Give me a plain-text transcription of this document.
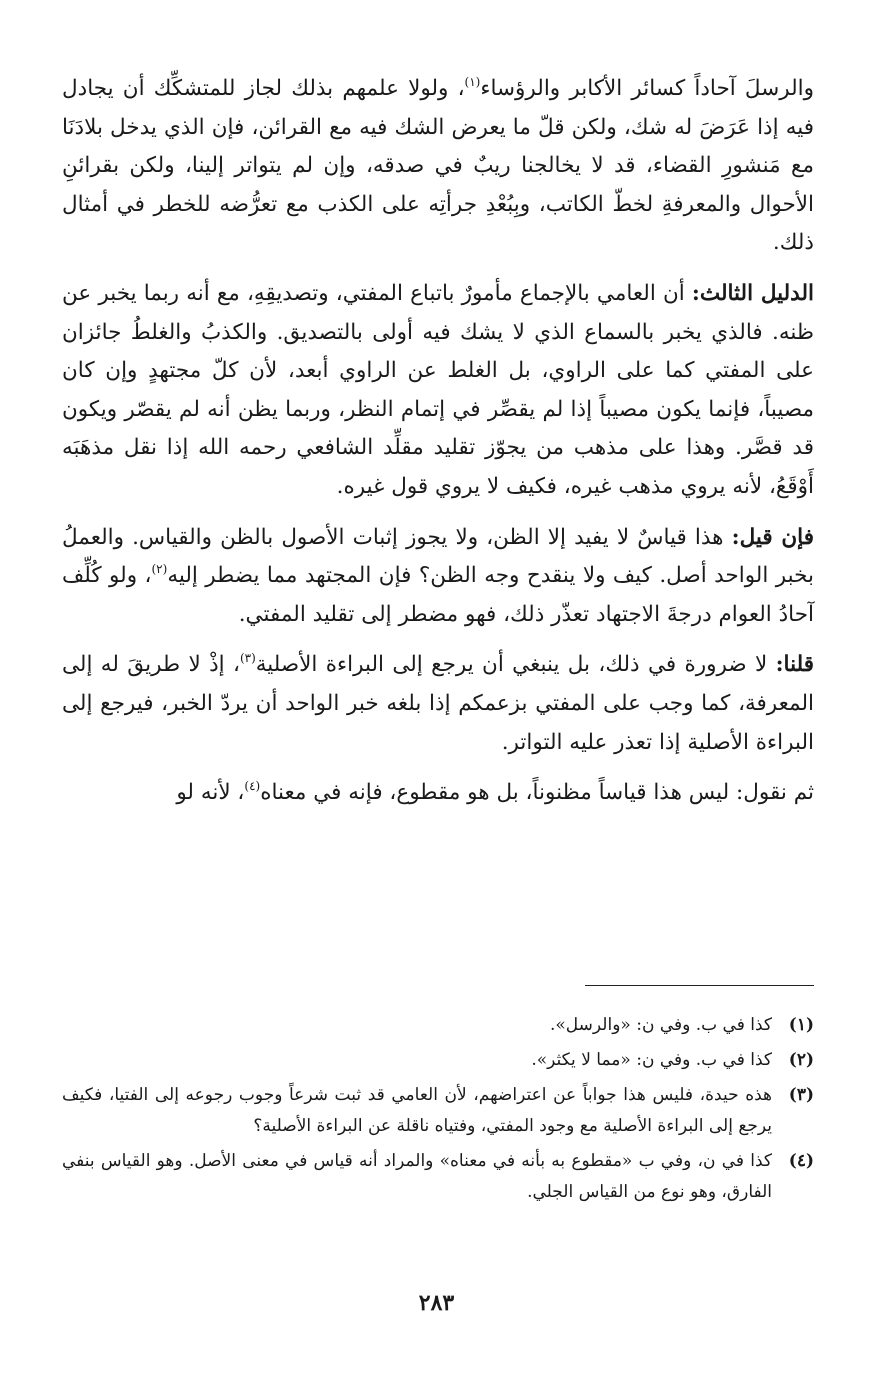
والرسلَ آحاداً كسائر الأكابر والرؤساء$^{(١)}$، ولولا علمهم بذلك لجاز للمتشكِّك أن يجادل فيه إذا عَرَضَ له شك، ولكن قلّ ما يعرض الشك فيه مع القرائن، فإن الذي يدخل بلادَنَا مع مَنشورِ القضاء، قد لا يخالجنا ريبٌ في صدقه، وإن لم يتواتر إلينا، ولكن بقرائنِ الأحوال والمعرفةِ لخطّ الكاتب، وبِبُعْدِ جرأتِه على الكذب مع تعرُّضه للخطر في أمثال ذلك.

الدليل الثالث: أن العامي بالإجماع مأمورٌ باتباع المفتي، وتصديقِهِ، مع أنه ربما يخبر عن ظنه. فالذي يخبر بالسماع الذي لا يشك فيه أولى بالتصديق. والكذبُ والغلطُ جائزان على المفتي كما على الراوي، بل الغلط عن الراوي أبعد، لأن كلّ مجتهدٍ وإن كان مصيباً، فإنما يكون مصيباً إذا لم يقصِّر في إتمام النظر، وربما يظن أنه لم يقصّر ويكون قد قصَّر. وهذا على مذهب من يجوّز تقليد مقلِّد الشافعي رحمه الله إذا نقل مذهَبَه أَوْقَعُ، لأنه يروي مذهب غيره، فكيف لا يروي قول غيره.

فإن قيل: هذا قياسٌ لا يفيد إلا الظن، ولا يجوز إثبات الأصول بالظن والقياس. والعملُ بخبر الواحد أصل. كيف ولا ينقدح وجه الظن؟ فإن المجتهد مما يضطر إليه$^{(٢)}$، ولو كُلِّف آحادُ العوام درجةَ الاجتهاد تعذّر ذلك، فهو مضطر إلى تقليد المفتي.

قلنا: لا ضرورة في ذلك، بل ينبغي أن يرجع إلى البراءة الأصلية$^{(٣)}$، إذْ لا طريقَ له إلى المعرفة، كما وجب على المفتي بزعمكم إذا بلغه خبر الواحد أن يردّ الخبر، فيرجع إلى البراءة الأصلية إذا تعذر عليه التواتر.

ثم نقول: ليس هذا قياساً مظنوناً، بل هو مقطوع، فإنه في معناه$^{(٤)}$، لأنه لو

(١)
كذا في ب. وفي ن: «والرسل».
(٢)
كذا في ب. وفي ن: «مما لا يكثر».
(٣)
هذه حيدة، فليس هذا جواباً عن اعتراضهم، لأن العامي قد ثبت شرعاً وجوب رجوعه إلى الفتيا، فكيف يرجع إلى البراءة الأصلية مع وجود المفتي، وفتياه ناقلة عن البراءة الأصلية؟
(٤)
كذا في ن، وفي ب «مقطوع به بأنه في معناه» والمراد أنه قياس في معنى الأصل. وهو القياس بنفي الفارق، وهو نوع من القياس الجلي.
٢٨٣
